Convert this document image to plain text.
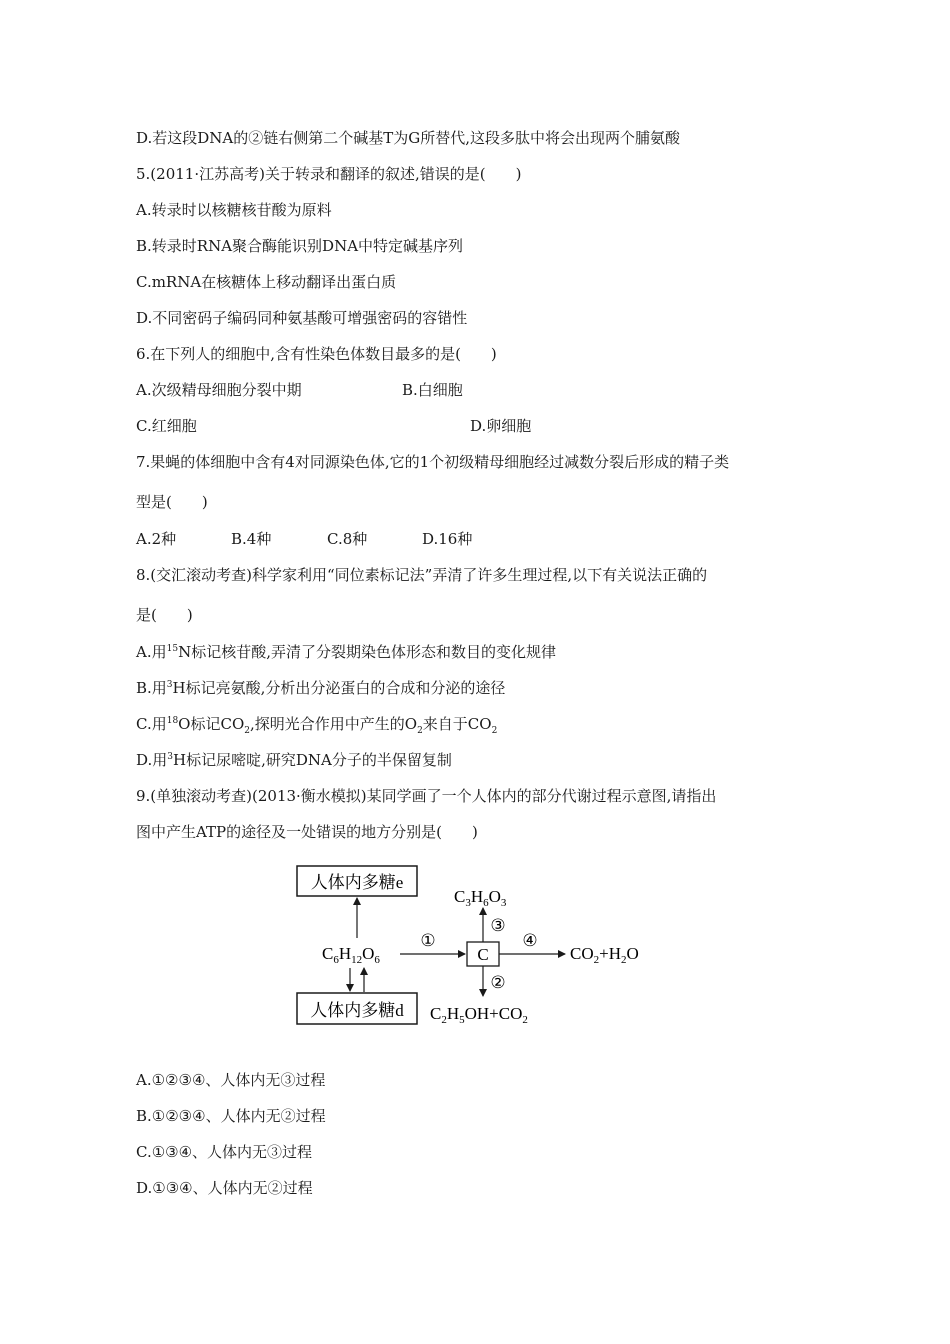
D.若这段DNA的②链右侧第二个碱基T为G所替代,这段多肽中将会出现两个脯氨酸
5.(2011·江苏高考)关于转录和翻译的叙述,错误的是(　　)
A.转录时以核糖核苷酸为原料
B.转录时RNA聚合酶能识别DNA中特定碱基序列
C.mRNA在核糖体上移动翻译出蛋白质
D.不同密码子编码同种氨基酸可增强密码的容错性
6.在下列人的细胞中,含有性染色体数目最多的是(　　)
A.次级精母细胞分裂中期	B.白细胞
C.红细胞	D.卵细胞
7.果蝇的体细胞中含有4对同源染色体,它的1个初级精母细胞经过减数分裂后形成的精子类
型是(　　)
A.2种	B.4种	C.8种	D.16种
8.(交汇滚动考查)科学家利用“同位素标记法”弄清了许多生理过程,以下有关说法正确的
是(　　)
A.用$^{15}$N标记核苷酸,弄清了分裂期染色体形态和数目的变化规律
B.用$^3$H标记亮氨酸,分析出分泌蛋白的合成和分泌的途径
C.用$^{18}$O标记$CO_2$,探明光合作用中产生的$O_2$来自于$CO_2$
D.用$^3$H标记尿嘧啶,研究DNA分子的半保留复制
9.(单独滚动考查)(2013·衡水模拟)某同学画了一个人体内的部分代谢过程示意图,请指出
图中产生ATP的途径及一处错误的地方分别是(　　)
人体内多糖e
人体内多糖d
$C_6H_{12}O_6$
①
C
④
$CO_2+H_2O$
③
$C_3H_6O_3$
②
$C_2H_5OH+CO_2$
A.①②③④、人体内无③过程
B.①②③④、人体内无②过程
C.①③④、人体内无③过程
D.①③④、人体内无②过程
